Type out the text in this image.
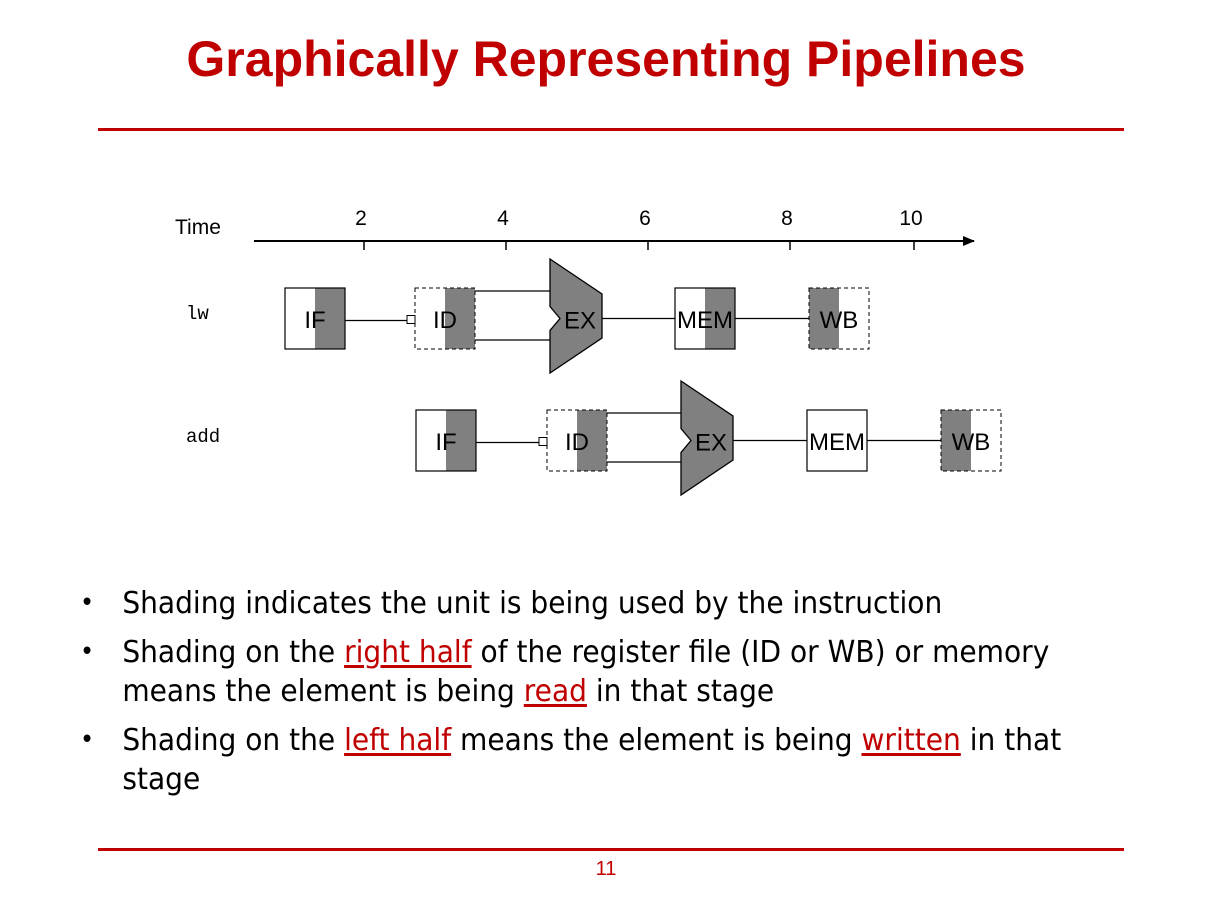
Graphically Representing Pipelines
Time	2	4	6	8	10
lw
add
IF	ID	EX	MEM	WB
IF	ID	EX	MEM	WB
• Shading indicates the unit is being used by the instruction
• Shading on the right half of the register file (ID or WB) or memory means the element is being read in that stage
• Shading on the left half means the element is being written in that stage
11
